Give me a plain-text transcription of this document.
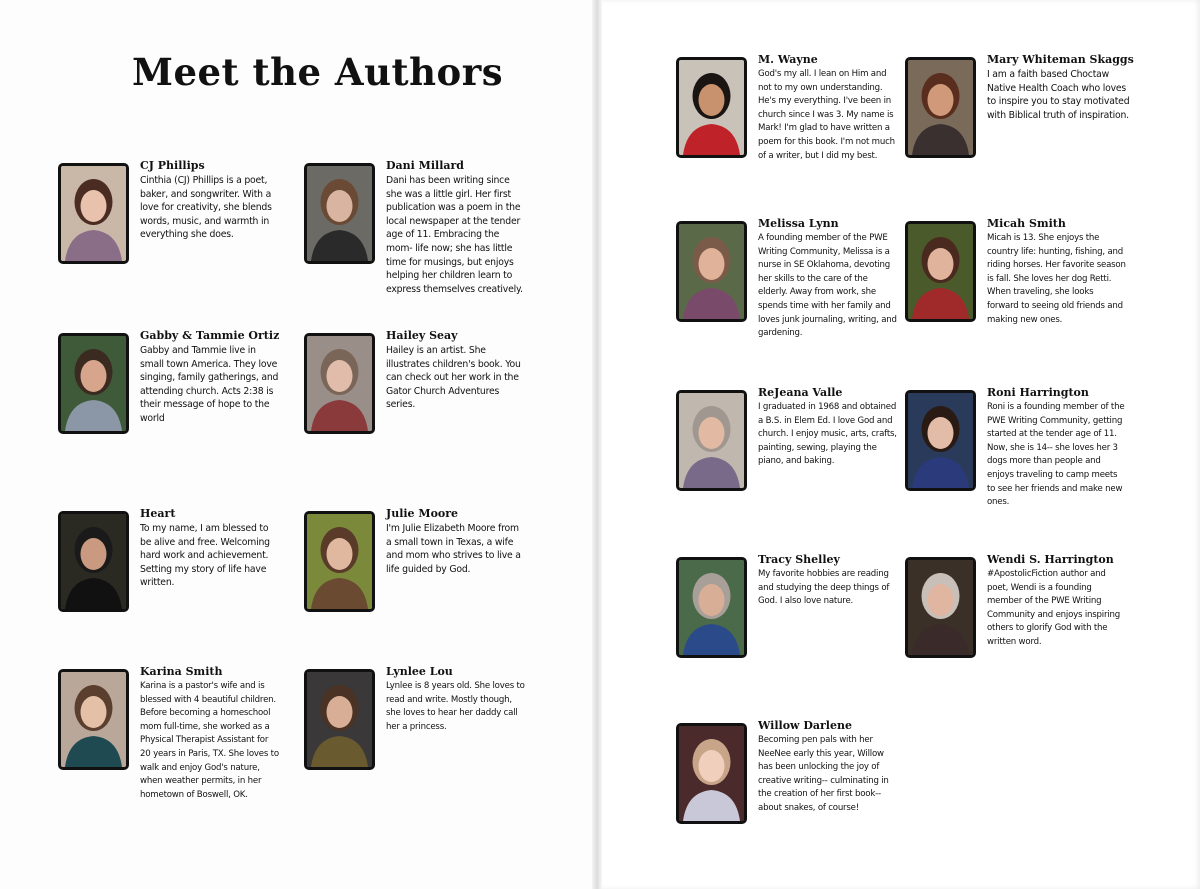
Meet the Authors

CJ Phillips

Cinthia (CJ) Phillips is a poet, baker, and songwriter. With a love for creativity, she blends words, music, and warmth in everything she does.

Gabby & Tammie Ortiz

Gabby and Tammie live in small town America. They love singing, family gatherings, and attending church. Acts 2:38 is their message of hope to the world

Heart

To my name, I am blessed to be alive and free. Welcoming hard work and achievement. Setting my story of life have written.

Karina Smith

Karina is a pastor's wife and is blessed with 4 beautiful children. Before becoming a homeschool mom full-time, she worked as a Physical Therapist Assistant for 20 years in Paris, TX. She loves to walk and enjoy God's nature, when weather permits, in her hometown of Boswell, OK.

Dani Millard

Dani has been writing since she was a little girl. Her first publication was a poem in the local newspaper at the tender age of 11. Embracing the mom- life now; she has little time for musings, but enjoys helping her children learn to express themselves creatively.

Hailey Seay

Hailey is an artist. She illustrates children's book. You can check out her work in the Gator Church Adventures series.

Julie Moore

I'm Julie Elizabeth Moore from a small town in Texas, a wife and mom who strives to live a life guided by God.

Lynlee Lou

Lynlee is 8 years old. She loves to read and write. Mostly though, she loves to hear her daddy call her a princess.

M. Wayne

God's my all. I lean on Him and not to my own understanding. He's my everything. I've been in church since I was 3. My name is Mark! I'm glad to have written a poem for this book. I'm not much of a writer, but I did my best.

Melissa Lynn

A founding member of the PWE Writing Community, Melissa is a nurse in SE Oklahoma, devoting her skills to the care of the elderly. Away from work, she spends time with her family and loves junk journaling, writing, and gardening.

ReJeana Valle

I graduated in 1968 and obtained a B.S. in Elem Ed. I love God and church. I enjoy music, arts, crafts, painting, sewing, playing the piano, and baking.

Tracy Shelley

My favorite hobbies are reading and studying the deep things of God. I also love nature.

Willow Darlene

Becoming pen pals with her NeeNee early this year, Willow has been unlocking the joy of creative writing-- culminating in the creation of her first book-- about snakes, of course!

Mary Whiteman Skaggs

I am a faith based Choctaw Native Health Coach who loves to inspire you to stay motivated with Biblical truth of inspiration.

Micah Smith

Micah is 13. She enjoys the country life: hunting, fishing, and riding horses. Her favorite season is fall. She loves her dog Retti. When traveling, she looks forward to seeing old friends and making new ones.

Roni Harrington

Roni is a founding member of the PWE Writing Community, getting started at the tender age of 11. Now, she is 14-- she loves her 3 dogs more than people and enjoys traveling to camp meets to see her friends and make new ones.

Wendi S. Harrington

#ApostolicFiction author and poet, Wendi is a founding member of the PWE Writing Community and enjoys inspiring others to glorify God with the written word.
